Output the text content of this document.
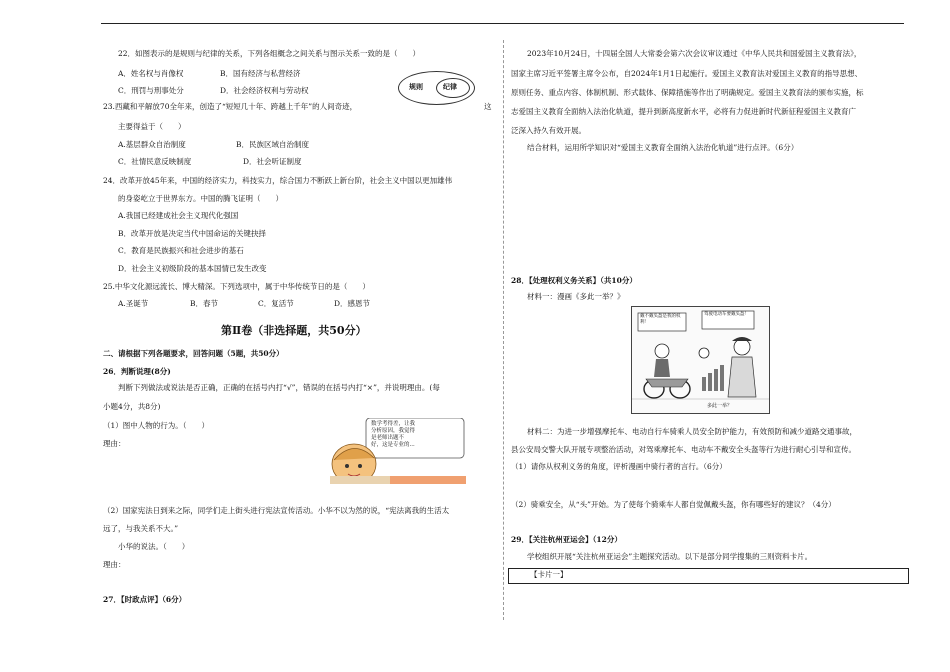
22．如图表示的是规则与纪律的关系，下列各组概念之间关系与图示关系一致的是（　　）
A．姓名权与肖像权	B．国有经济与私营经济
C．刑罚与刑事处分	D．社会经济权利与劳动权	规则	纪律
23.西藏和平解放70全年来，创造了“短短几十年、跨越上千年”的人间奇迹，	这
主要得益于（　　）
A.基层群众自治制度	B．民族区域自治制度
C．社情民意反映制度	D．社会听证制度
24．改革开放45年来，中国的经济实力，科技实力，综合国力不断跃上新台阶，社会主义中国以更加雄伟
的身姿屹立于世界东方。中国的腾飞证明（　　）
A.我国已经建成社会主义现代化强国
B．改革开放是决定当代中国命运的关键抉择
C．教育是民族振兴和社会进步的基石
D．社会主义初级阶段的基本国情已发生改变
25.中华文化源远流长、博大精深。下列选项中，属于中华传统节日的是（　　）
A.圣诞节	B．春节	C．复活节	D．感恩节
第Ⅱ卷（非选择题，共50分）
二、请根据下列各题要求，回答问题（5题，共50分）
26．判断说理(8分)
判断下列做法或说法是否正确，正确的在括号内打“√”，错误的在括号内打“×”，并说明理由。(每
小题4分，共8分)
（1）图中人物的行为。（　　）
理由：
数学考得差，让我
分析原因，我觉得
是老师出题不
好，这是专业的...
（2）国家宪法日到来之际，同学们走上街头进行宪法宣传活动。小华不以为然的说，“宪法离我的生活太
远了，与我关系不大。”
小华的说法。（　　）
理由：
27．【时政点评】（6分）
2023年10月24日，十四届全国人大常委会第六次会议审议通过《中华人民共和国爱国主义教育法》，
国家主席习近平签署主席令公布，自2024年1月1日起施行。爱国主义教育法对爱国主义教育的指导思想、
原则任务、重点内容、体制机制、形式载体、保障措施等作出了明确规定。爱国主义教育法的颁布实施，标
志爱国主义教育全面纳入法治化轨道，提升到新高度新水平，必将有力促进新时代新征程爱国主义教育广
泛深入持久有效开展。
结合材料，运用所学知识对“爱国主义教育全面纳入法治化轨道”进行点评。（6分）
28．【处理权利义务关系】（共10分）
材料一：漫画《多此一举？》
戴不戴头盔是我的权利！
驾驶电动车要戴头盔！
多此一举？
材料二：为进一步增强摩托车、电动自行车骑乘人员安全防护能力，有效预防和减少道路交通事故，
县公安局交警大队开展专项整治活动，对驾乘摩托车、电动车不戴安全头盔等行为进行耐心引导和宣传。
（1）请你从权利义务的角度，评析漫画中骑行者的言行。（6分）
（2）骑乘安全，从“头”开始。为了使每个骑乘车人都自觉佩戴头盔，你有哪些好的建议？（4分）
29．【关注杭州亚运会】（12分）
学校组织开展“关注杭州亚运会”主题探究活动。以下是部分同学搜集的三则资料卡片。
【卡片一】
